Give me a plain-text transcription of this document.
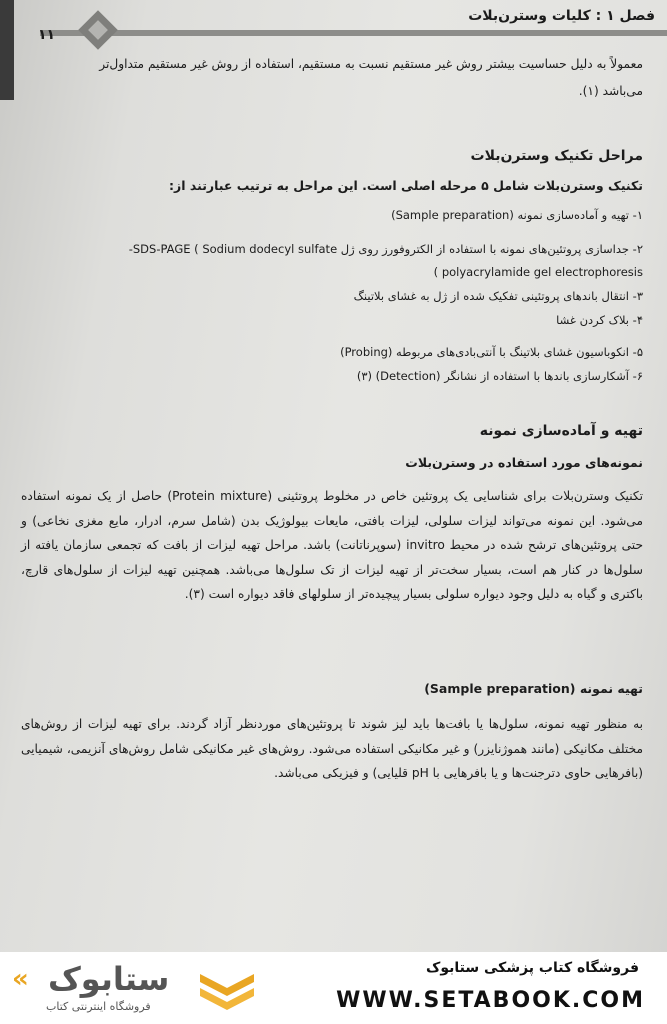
فصل ۱ : کلیات وسترن‌بلات
۱۱
معمولاً به دلیل حساسیت بیشتر روش غیر مستقیم نسبت به مستقیم، استفاده از روش غیر مستقیم متداول‌تر
می‌باشد (۱).
مراحل تکنیک وسترن‌بلات
تکنیک وسترن‌بلات شامل ۵ مرحله اصلی است. این مراحل به ترتیب عبارتند از:
۱- تهیه و آماده‌سازی نمونه (Sample preparation)
۲- جداسازی پروتئین‌های نمونه با استفاده از الکتروفورز روی ژل SDS-PAGE ( Sodium dodecyl sulfate-
polyacrylamide gel electrophoresis )
۳- انتقال باندهای پروتئینی تفکیک شده از ژل به غشای بلاتینگ
۴- بلاک کردن غشا
۵- انکوباسیون غشای بلاتینگ با آنتی‌بادی‌های مربوطه (Probing)
۶- آشکارسازی باندها با استفاده از نشانگر (Detection) (۳)
تهیه و آماده‌سازی نمونه
نمونه‌های مورد استفاده در وسترن‌بلات
تکنیک وسترن‌بلات برای شناسایی یک پروتئین خاص در مخلوط پروتئینی (Protein mixture) حاصل از یک نمونه استفاده می‌شود. این نمونه می‌تواند لیزات سلولی، لیزات بافتی، مایعات بیولوژیک بدن (شامل سرم، ادرار، مایع مغزی نخاعی) و حتی پروتئین‌های ترشح شده در محیط invitro (سوپرناتانت) باشد. مراحل تهیه لیزات از بافت که تجمعی سازمان یافته از سلول‌ها در کنار هم است، بسیار سخت‌تر از تهیه لیزات از تک سلول‌ها می‌باشد. همچنین تهیه لیزات از سلول‌های قارچ، باکتری و گیاه به دلیل وجود دیواره سلولی بسیار پیچیده‌تر از سلولهای فاقد دیواره است (۳).
تهیه نمونه (Sample preparation)
به منظور تهیه نمونه، سلول‌ها یا بافت‌ها باید لیز شوند تا پروتئین‌های موردنظر آزاد گردند. برای تهیه لیزات از روش‌های مختلف مکانیکی (مانند هموژنایزر) و غیر مکانیکی استفاده می‌شود. روش‌های غیر مکانیکی شامل روش‌های آنزیمی، شیمیایی (بافرهایی حاوی دترجنت‌ها و یا بافرهایی با pH قلیایی) و فیزیکی می‌باشد.
فروشگاه کتاب پزشکی ستابوک
WWW.SETABOOK.COM
« ستابوک
فروشگاه اینترنتی کتاب
